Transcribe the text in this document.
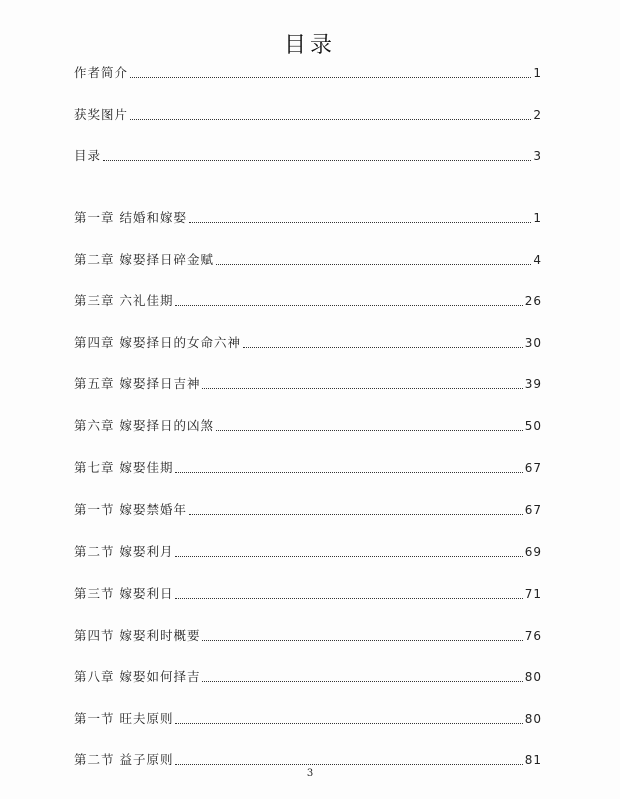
目录
作者简介	1
获奖图片	2
目录	3
第一章 结婚和嫁娶	1
第二章 嫁娶择日碎金赋	4
第三章 六礼佳期	26
第四章 嫁娶择日的女命六神	30
第五章 嫁娶择日吉神	39
第六章 嫁娶择日的凶煞	50
第七章 嫁娶佳期	67
第一节 嫁娶禁婚年	67
第二节 嫁娶利月	69
第三节 嫁娶利日	71
第四节 嫁娶利时概要	76
第八章 嫁娶如何择吉	80
第一节 旺夫原则	80
第二节 益子原则	81
3
